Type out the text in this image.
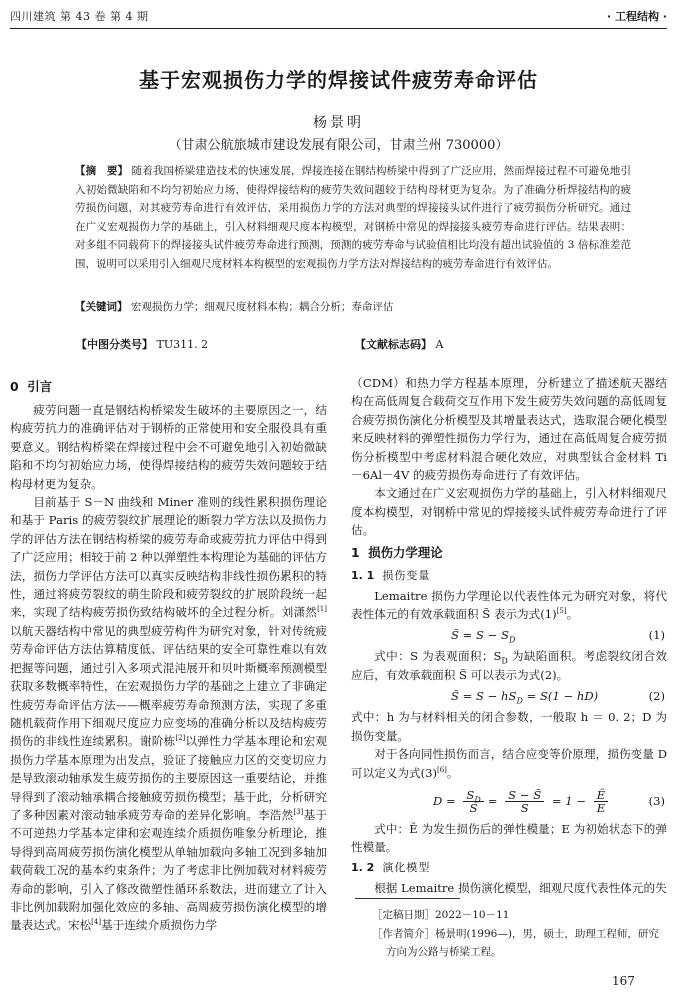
四川建筑 第 43 卷 第 4 期	· 工程结构 ·
基于宏观损伤力学的焊接试件疲劳寿命评估
杨景明
（甘肃公航旅城市建设发展有限公司，甘肃兰州 730000）
【摘　要】 随着我国桥梁建造技术的快速发展，焊接连接在钢结构桥梁中得到了广泛应用，然而焊接过程不可避免地引入初始微缺陷和不均匀初始应力场，使得焊接结构的疲劳失效问题较于结构母材更为复杂。为了准确分析焊接结构的疲劳损伤问题，对其疲劳寿命进行有效评估，采用损伤力学的方法对典型的焊接接头试件进行了疲劳损伤分析研究。通过在广义宏观损伤力学的基础上，引入材料细观尺度本构模型，对钢桥中常见的焊接接头疲劳寿命进行评估。结果表明：对多组不同载荷下的焊接接头试件疲劳寿命进行预测，预测的疲劳寿命与试验值相比均没有超出试验值的 3 倍标准差范围，说明可以采用引入细观尺度材料本构模型的宏观损伤力学方法对焊接结构的疲劳寿命进行有效评估。
【关键词】 宏观损伤力学；细观尺度材料本构；耦合分析；寿命评估
【中图分类号】 TU311. 2	【文献标志码】 A
0 引言

疲劳问题一直是钢结构桥梁发生破坏的主要原因之一，结构疲劳抗力的准确评估对于钢桥的正常使用和安全服役具有重要意义。钢结构桥梁在焊接过程中会不可避免地引入初始微缺陷和不均匀初始应力场，使得焊接结构的疲劳失效问题较于结构母材更为复杂。

目前基于 S－N 曲线和 Miner 准则的线性累积损伤理论和基于 Paris 的疲劳裂纹扩展理论的断裂力学方法以及损伤力学的评估方法在钢结构桥梁的疲劳寿命或疲劳抗力评估中得到了广泛应用；相较于前 2 种以弹塑性本构理论为基础的评估方法，损伤力学评估方法可以真实反映结构非线性损伤累积的特性，通过将疲劳裂纹的萌生阶段和疲劳裂纹的扩展阶段统一起来，实现了结构疲劳损伤致结构破坏的全过程分析。刘潇然[1]以航天器结构中常见的典型疲劳构件为研究对象，针对传统疲劳寿命评估方法估算精度低、评估结果的安全可靠性难以有效把握等问题，通过引入多项式混沌展开和贝叶斯概率预测模型获取多数概率特性，在宏观损伤力学的基础之上建立了非确定性疲劳寿命评估方法——概率疲劳寿命预测方法，实现了多重随机载荷作用下细观尺度应力应变场的准确分析以及结构疲劳损伤的非线性连续累积。谢阶栋[2]以弹性力学基本理论和宏观损伤力学基本原理为出发点，验证了接触应力区的交变切应力是导致滚动轴承发生疲劳损伤的主要原因这一重要结论，并推导得到了滚动轴承耦合接触疲劳损伤模型；基于此，分析研究了多种因素对滚动轴承疲劳寿命的差异化影响。李浩然[3]基于不可逆热力学基本定律和宏观连续介质损伤唯象分析理论，推导得到高周疲劳损伤演化模型从单轴加载向多轴工况到多轴加载荷载工况的基本约束条件；为了考虑非比例加载对材料疲劳寿命的影响，引入了修改微塑性循环系数法，进而建立了计入非比例加载附加强化效应的多轴、高周疲劳损伤演化模型的增量表达式。宋松[4]基于连续介质损伤力学

（CDM）和热力学方程基本原理，分析建立了描述航天器结构在高低周复合载荷交互作用下发生疲劳失效问题的高低周复合疲劳损伤演化分析模型及其增量表达式，选取混合硬化模型来反映材料的弹塑性损伤力学行为，通过在高低周复合疲劳损伤分析模型中考虑材料混合硬化效应，对典型钛合金材料 Ti－6Al－4V 的疲劳损伤寿命进行了有效评估。

本文通过在广义宏观损伤力学的基础上，引入材料细观尺度本构模型，对钢桥中常见的焊接接头试件疲劳寿命进行了评估。

1 损伤力学理论
1. 1 损伤变量

Lemaitre 损伤力学理论以代表性体元为研究对象，将代表性体元的有效承载面积 S̃ 表示为式(1)[5]。

S̃ = $S - S_D$	(1)

式中：S 为表观面积；$S_D$ 为缺陷面积。考虑裂纹闭合效应后，有效承载面积 S̃ 可以表示为式(2)。

S̃ = $S - hS_D = S(1 - hD)$	(2)

式中：h 为与材料相关的闭合参数，一般取 h ＝ 0. 2；D 为损伤变量。

对于各向同性损伤而言，结合应变等价原理，损伤变量 D 可以定义为式(3)[6]。

$D = \frac{S_D}{S} = \frac{S - S̃}{S} = 1 - \frac{\text{Ẽ}}{E}$	(3)

式中：Ẽ 为发生损伤后的弹性模量；E 为初始状态下的弹性模量。

1. 2 演化模型

根据 Lemaitre 损伤演化模型，细观尺度代表性体元的失

［定稿日期］2022－10－11
［作者简介］杨景明(1996—)，男，硕士，助理工程师，研究方向为公路与桥梁工程。
167
